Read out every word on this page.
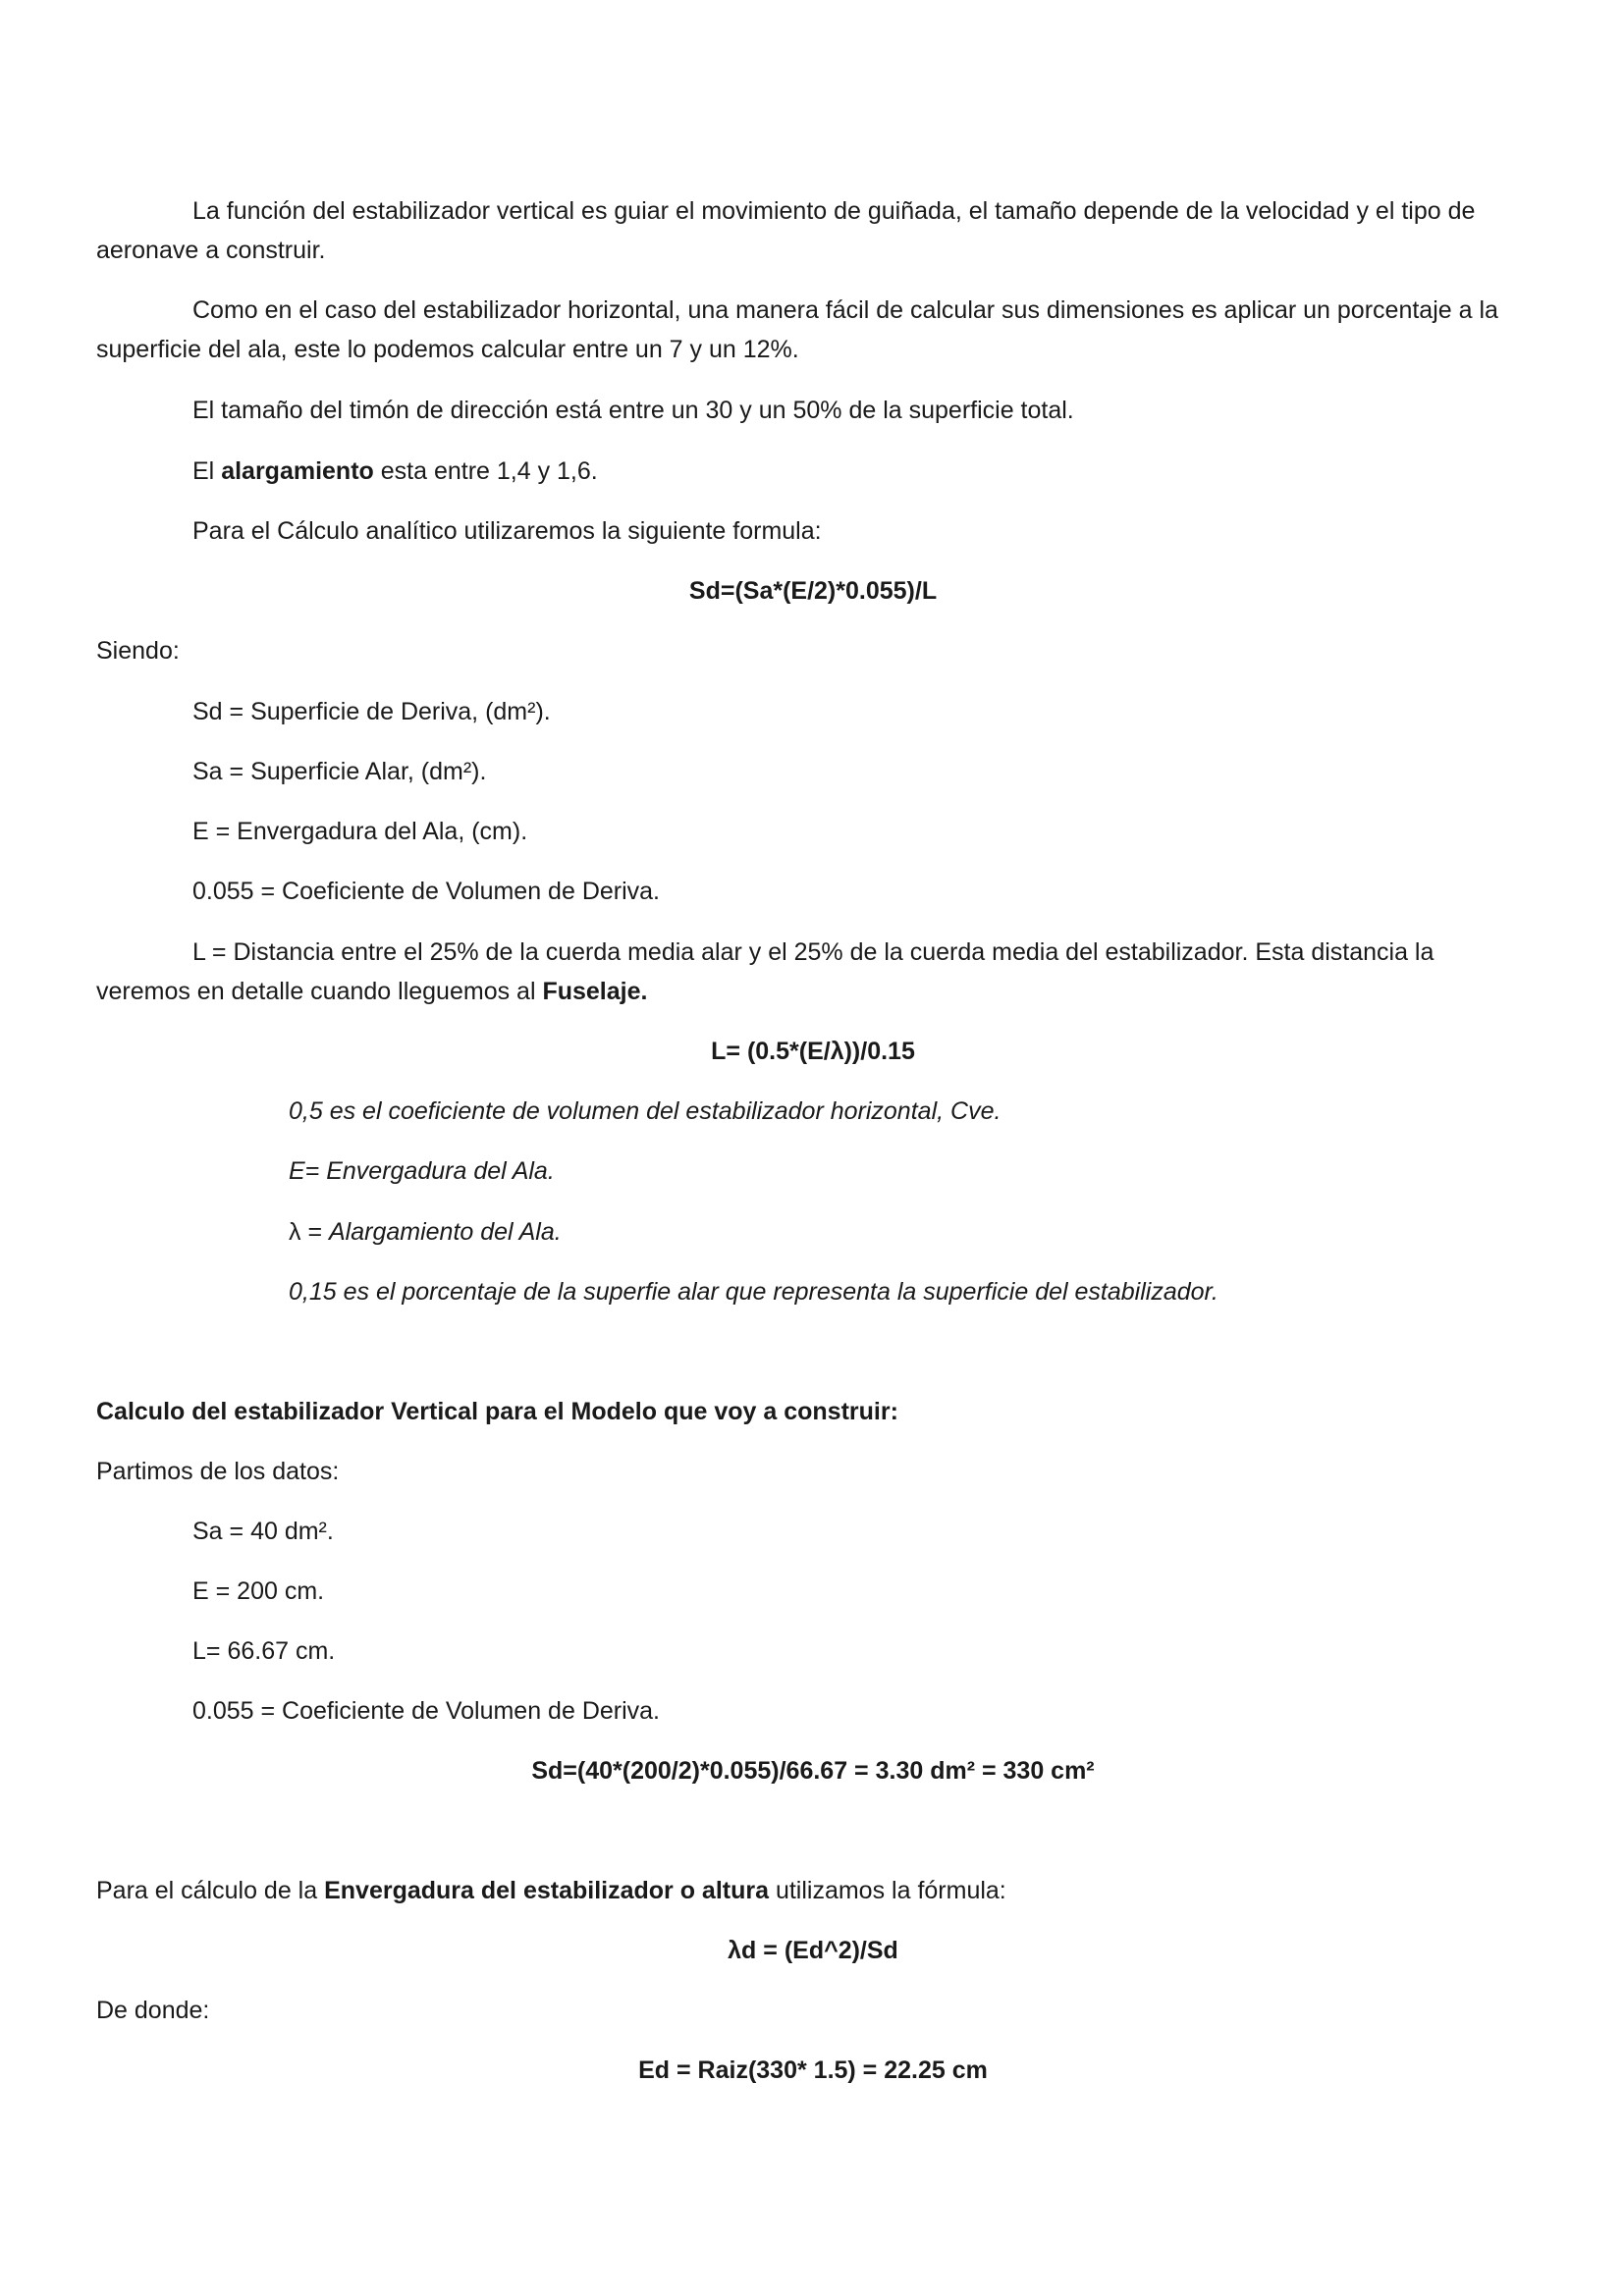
La función del estabilizador vertical es guiar el movimiento de guiñada, el tamaño depende de la velocidad y el tipo de aeronave a construir.
Como en el caso del estabilizador horizontal, una manera fácil de calcular sus dimensiones es aplicar un porcentaje a la superficie del ala, este lo podemos calcular entre un 7 y un 12%.
El tamaño del timón de dirección está entre un 30 y un 50% de la superficie total.
El alargamiento esta entre 1,4 y 1,6.
Para el Cálculo analítico utilizaremos la siguiente formula:
Sd=(Sa*(E/2)*0.055)/L
Siendo:
Sd = Superficie de Deriva, (dm²).
Sa = Superficie Alar, (dm²).
E = Envergadura del Ala, (cm).
0.055 = Coeficiente de Volumen de Deriva.
L = Distancia entre el 25% de la cuerda media alar y el 25% de la cuerda media del estabilizador. Esta distancia la veremos en detalle cuando lleguemos al Fuselaje.
L= (0.5*(E/λ))/0.15
0,5 es el coeficiente de volumen del estabilizador horizontal, Cve.
E= Envergadura del Ala.
λ = Alargamiento del Ala.
0,15 es el porcentaje de la superfie alar que representa la superficie del estabilizador.
Calculo del estabilizador Vertical para el Modelo que voy a construir:
Partimos de los datos:
Sa = 40 dm².
E = 200 cm.
L= 66.67 cm.
0.055 = Coeficiente de Volumen de Deriva.
Sd=(40*(200/2)*0.055)/66.67 = 3.30 dm² = 330 cm²
Para el cálculo de la Envergadura del estabilizador o altura utilizamos la fórmula:
λd = (Ed^2)/Sd
De donde:
Ed = Raiz(330* 1.5) = 22.25 cm
